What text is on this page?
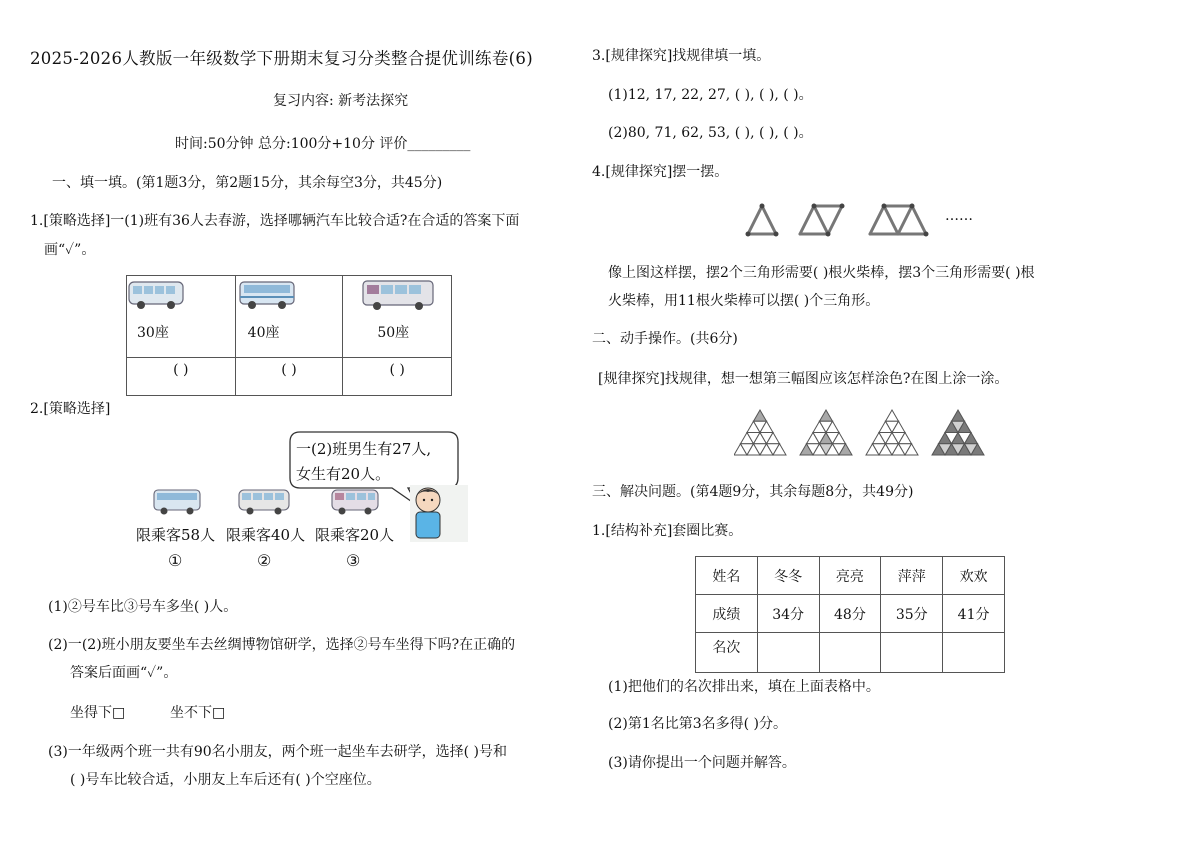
2025-2026人教版一年级数学下册期末复习分类整合提优训练卷(6)
复习内容: 新考法探究
时间:50分钟 总分:100分+10分 评价_________
一、填一填。(第1题3分，第2题15分，其余每空3分，共45分)
1.[策略选择]一(1)班有36人去春游，选择哪辆汽车比较合适?在合适的答案下面
画“✓”。
30座	40座	50座

( )	( )	( )
2.[策略选择]
一(2)班男生有27人,
女生有20人。
限乘客58人 限乘客40人 限乘客20人
①	②	③
(1)②号车比③号车多坐( )人。
(2)一(2)班小朋友要坐车去丝绸博物馆研学，选择②号车坐得下吗?在正确的
答案后面画“✓”。
坐得下□	坐不下□
(3)一年级两个班一共有90名小朋友，两个班一起坐车去研学，选择( )号和
( )号车比较合适，小朋友上车后还有( )个空座位。
3.[规律探究]找规律填一填。
(1)12, 17, 22, 27, ( ), ( ), ( )。
(2)80, 71, 62, 53, ( ), ( ), ( )。
4.[规律探究]摆一摆。
……
像上图这样摆，摆2个三角形需要( )根火柴棒，摆3个三角形需要( )根
火柴棒，用11根火柴棒可以摆( )个三角形。
二、动手操作。(共6分)
[规律探究]找规律，想一想第三幅图应该怎样涂色?在图上涂一涂。
三、解决问题。(第4题9分，其余每题8分，共49分)
1.[结构补充]套圈比赛。
姓名	冬冬	亮亮	萍萍	欢欢
成绩	34分	48分	35分	41分
名次				
(1)把他们的名次排出来，填在上面表格中。
(2)第1名比第3名多得( )分。
(3)请你提出一个问题并解答。
